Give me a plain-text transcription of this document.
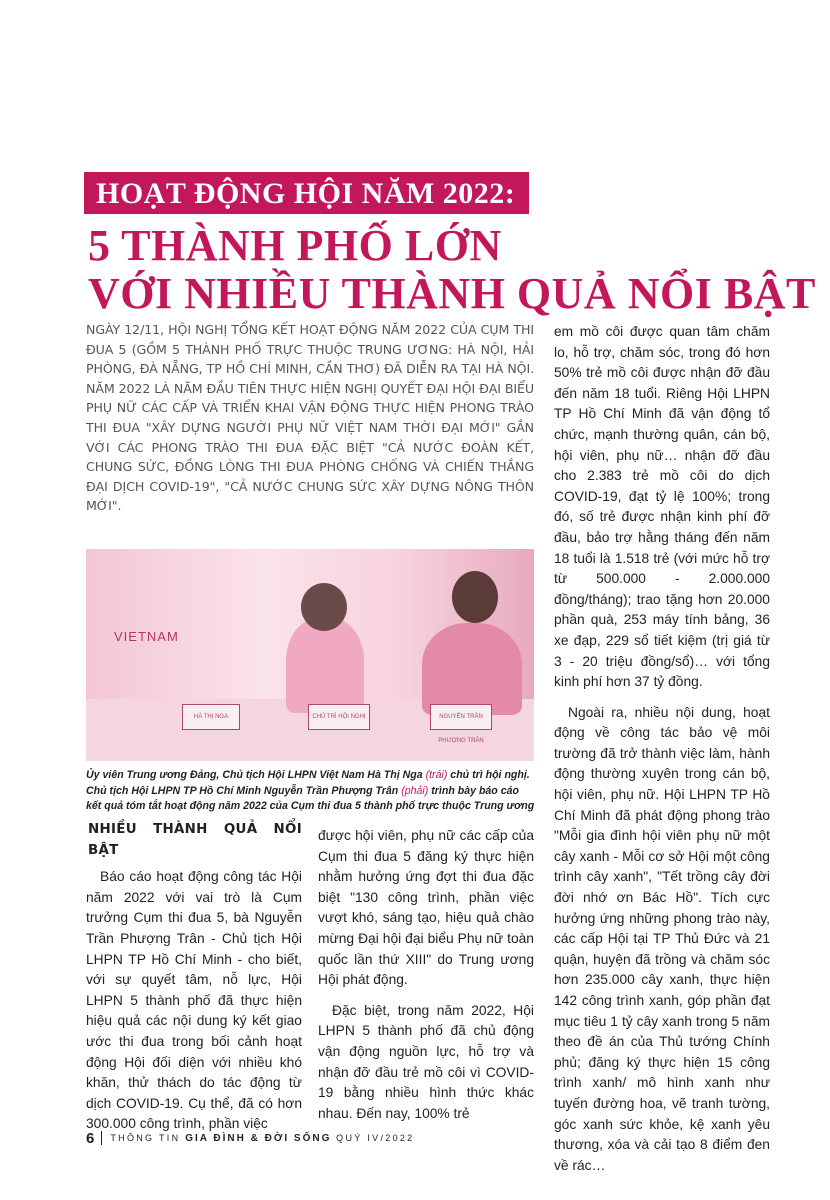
HOẠT ĐỘNG HỘI NĂM 2022:
5 THÀNH PHỐ LỚN
VỚI NHIỀU THÀNH QUẢ NỔI BẬT

NGÀY 12/11, HỘI NGHỊ TỔNG KẾT HOẠT ĐỘNG NĂM 2022 CỦA CỤM THI ĐUA 5 (GỒM 5 THÀNH PHỐ TRỰC THUỘC TRUNG ƯƠNG: HÀ NỘI, HẢI PHÒNG, ĐÀ NẴNG, TP HỒ CHÍ MINH, CẦN THƠ) ĐÃ DIỄN RA TẠI HÀ NỘI. NĂM 2022 LÀ NĂM ĐẦU TIÊN THỰC HIỆN NGHỊ QUYẾT ĐẠI HỘI ĐẠI BIỂU PHỤ NỮ CÁC CẤP VÀ TRIỂN KHAI VẬN ĐỘNG THỰC HIỆN PHONG TRÀO THI ĐUA "XÂY DỰNG NGƯỜI PHỤ NỮ VIỆT NAM THỜI ĐẠI MỚI" GẮN VỚI CÁC PHONG TRÀO THI ĐUA ĐẶC BIỆT "CẢ NƯỚC ĐOÀN KẾT, CHUNG SỨC, ĐỒNG LÒNG THI ĐUA PHÒNG CHỐNG VÀ CHIẾN THẮNG ĐẠI DỊCH COVID-19", "CẢ NƯỚC CHUNG SỨC XÂY DỰNG NÔNG THÔN MỚI".

VIETNAM
HÀ THỊ NGA	CHỦ TRÌ HỘI NGHỊ	NGUYỄN TRẦN PHƯỢNG TRÂN

Ủy viên Trung ương Đảng, Chủ tịch Hội LHPN Việt Nam Hà Thị Nga (trái) chủ trì hội nghị. Chủ tịch Hội LHPN TP Hồ Chí Minh Nguyễn Trần Phượng Trân (phải) trình bày báo cáo kết quả tóm tắt hoạt động năm 2022 của Cụm thi đua 5 thành phố trực thuộc Trung ương

NHIỀU THÀNH QUẢ NỔI BẬT

Báo cáo hoạt động công tác Hội năm 2022 với vai trò là Cụm trưởng Cụm thi đua 5, bà Nguyễn Trần Phượng Trân - Chủ tịch Hội LHPN TP Hồ Chí Minh - cho biết, với sự quyết tâm, nỗ lực, Hội LHPN 5 thành phố đã thực hiện hiệu quả các nội dung ký kết giao ước thi đua trong bối cảnh hoạt động Hội đối diện với nhiều khó khăn, thử thách do tác động từ dịch COVID-19. Cụ thể, đã có hơn 300.000 công trình, phần việc

được hội viên, phụ nữ các cấp của Cụm thi đua 5 đăng ký thực hiện nhằm hưởng ứng đợt thi đua đặc biệt "130 công trình, phần việc vượt khó, sáng tạo, hiệu quả chào mừng Đại hội đại biểu Phụ nữ toàn quốc lần thứ XIII" do Trung ương Hội phát động.

Đặc biệt, trong năm 2022, Hội LHPN 5 thành phố đã chủ động vận động nguồn lực, hỗ trợ và nhận đỡ đầu trẻ mồ côi vì COVID-19 bằng nhiều hình thức khác nhau. Đến nay, 100% trẻ

em mồ côi được quan tâm chăm lo, hỗ trợ, chăm sóc, trong đó hơn 50% trẻ mồ côi được nhận đỡ đầu đến năm 18 tuổi. Riêng Hội LHPN TP Hồ Chí Minh đã vận động tổ chức, mạnh thường quân, cán bộ, hội viên, phụ nữ… nhận đỡ đầu cho 2.383 trẻ mồ côi do dịch COVID-19, đạt tỷ lệ 100%; trong đó, số trẻ được nhận kinh phí đỡ đầu, bảo trợ hằng tháng đến năm 18 tuổi là 1.518 trẻ (với mức hỗ trợ từ 500.000 - 2.000.000 đồng/tháng); trao tặng hơn 20.000 phần quà, 253 máy tính bảng, 36 xe đạp, 229 sổ tiết kiệm (trị giá từ 3 - 20 triệu đồng/sổ)… với tổng kinh phí hơn 37 tỷ đồng.

Ngoài ra, nhiều nội dung, hoạt động về công tác bảo vệ môi trường đã trở thành việc làm, hành động thường xuyên trong cán bộ, hội viên, phụ nữ. Hội LHPN TP Hồ Chí Minh đã phát động phong trào "Mỗi gia đình hội viên phụ nữ một cây xanh - Mỗi cơ sở Hội một công trình cây xanh", "Tết trồng cây đời đời nhớ ơn Bác Hồ". Tích cực hưởng ứng những phong trào này, các cấp Hội tại TP Thủ Đức và 21 quận, huyện đã trồng và chăm sóc hơn 235.000 cây xanh, thực hiện 142 công trình xanh, góp phần đạt mục tiêu 1 tỷ cây xanh trong 5 năm theo đề án của Thủ tướng Chính phủ; đăng ký thực hiện 15 công trình xanh/ mô hình xanh như tuyến đường hoa, vẽ tranh tường, góc xanh sức khỏe, kệ xanh yêu thương, xóa và cải tạo 8 điểm đen về rác…

6 THÔNG TIN GIA ĐÌNH & ĐỜI SỐNG QUÝ IV/2022
